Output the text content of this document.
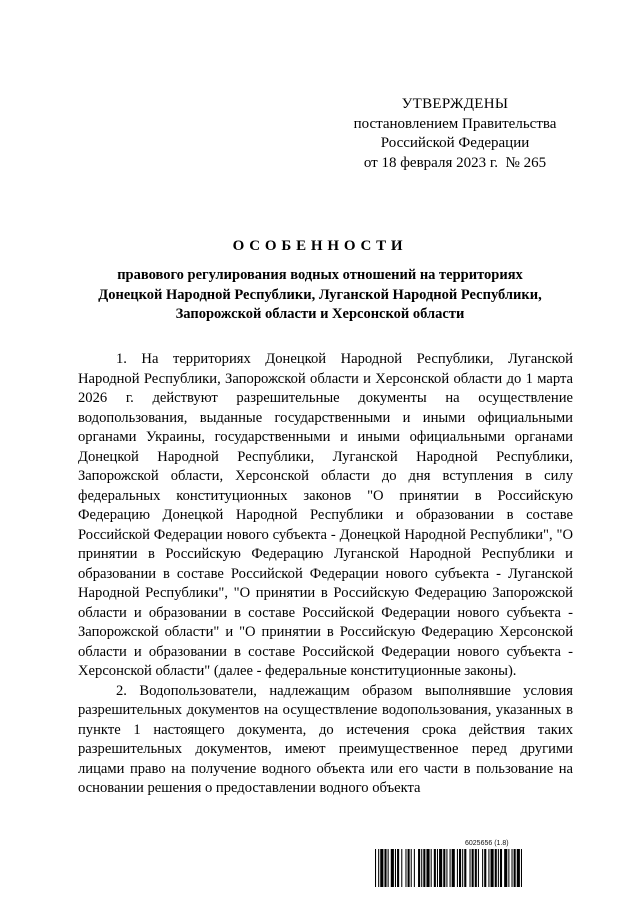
УТВЕРЖДЕНЫ
постановлением Правительства
Российской Федерации
от 18 февраля 2023 г.  № 265
ОСОБЕННОСТИ
правового регулирования водных отношений на территориях
Донецкой Народной Республики, Луганской Народной Республики,
Запорожской области и Херсонской области

1. На территориях Донецкой Народной Республики, Луганской Народной Республики, Запорожской области и Херсонской области до 1 марта 2026 г. действуют разрешительные документы на осуществление водопользования, выданные государственными и иными официальными органами Украины, государственными и иными официальными органами Донецкой Народной Республики, Луганской Народной Республики, Запорожской области, Херсонской области до дня вступления в силу федеральных конституционных законов "О принятии в Российскую Федерацию Донецкой Народной Республики и образовании в составе Российской Федерации нового субъекта - Донецкой Народной Республики", "О принятии в Российскую Федерацию Луганской Народной Республики и образовании в составе Российской Федерации нового субъекта - Луганской Народной Республики", "О принятии в Российскую Федерацию Запорожской области и образовании в составе Российской Федерации нового субъекта - Запорожской области" и "О принятии в Российскую Федерацию Херсонской области и образовании в составе Российской Федерации нового субъекта - Херсонской области" (далее - федеральные конституционные законы).

2. Водопользователи, надлежащим образом выполнявшие условия разрешительных документов на осуществление водопользования, указанных в пункте 1 настоящего документа, до истечения срока действия таких разрешительных документов, имеют преимущественное перед другими лицами право на получение водного объекта или его части в пользование на основании решения о предоставлении водного объекта

6025656 (1.8)
